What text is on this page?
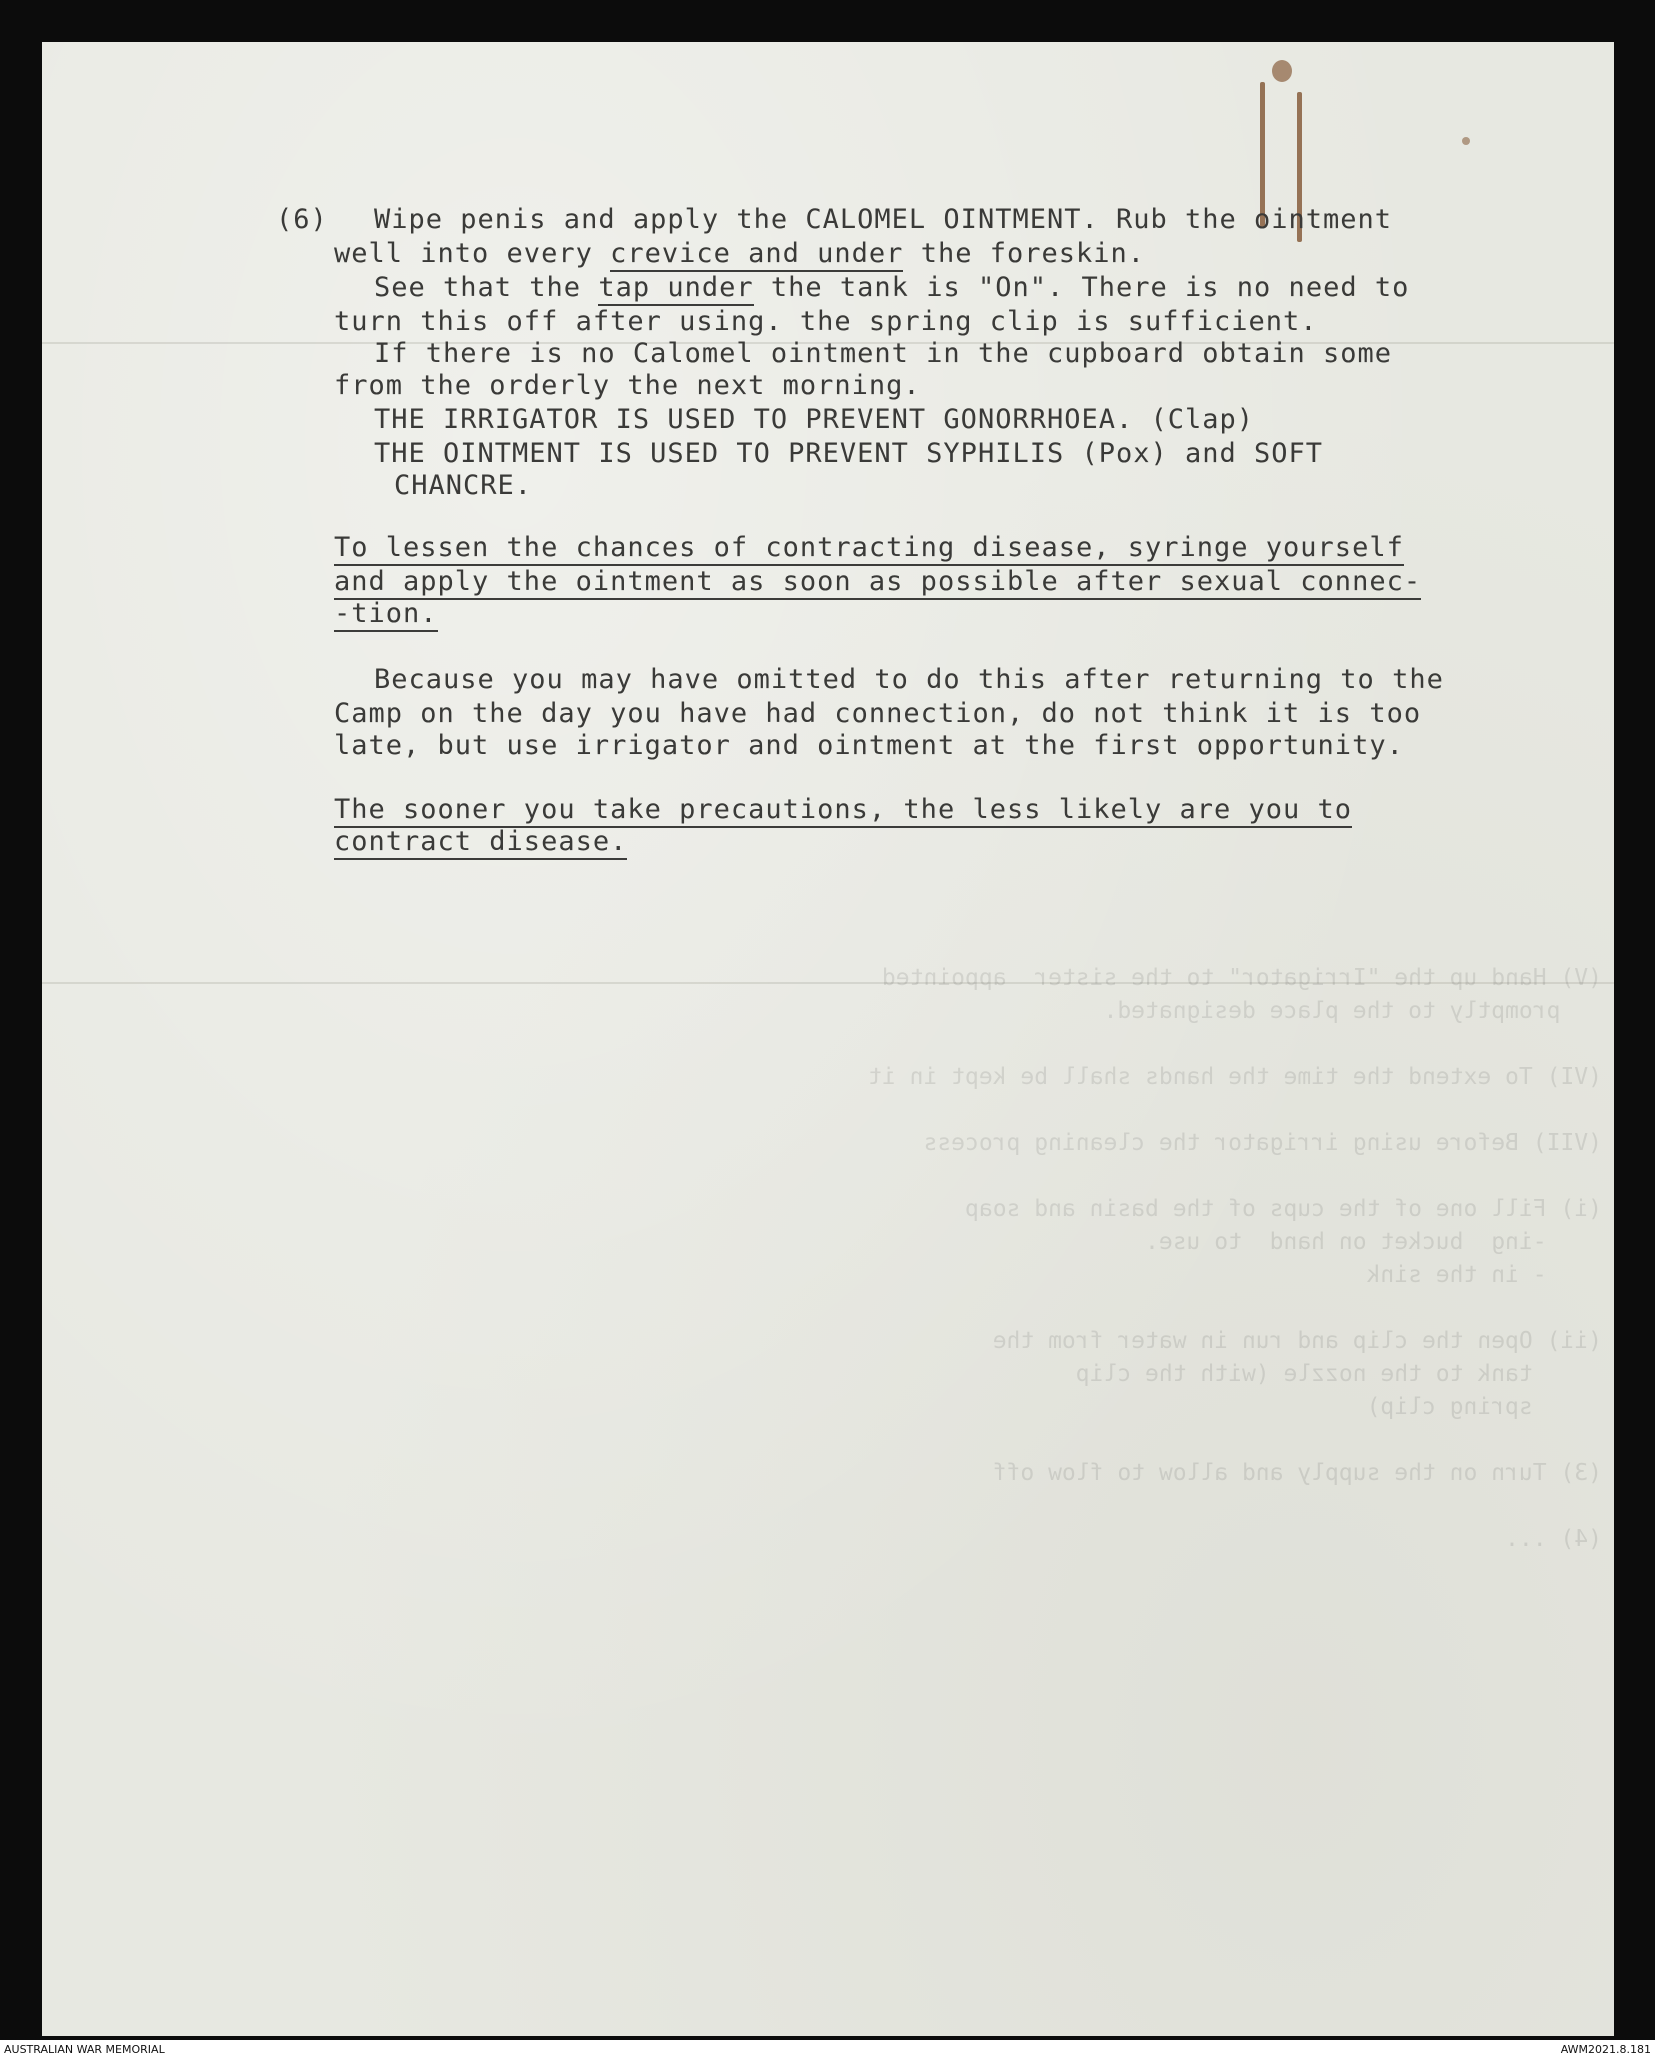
(V) Hand up the "Irrigator" to the sister  appointed
promptly to the place designated.

(VI) To extend the time the hands shall be kept in it

(VII) Before using irrigator the cleaning process

(i) Fill one of the cups of the basin and soap
-ing  bucket on hand  to use.
- in the sink

(ii) Open the clip and run in water from the
tank to the nozzle (with the clip
spring clip)

(3) Turn on the supply and allow to flow off

(4) ...
(6) Wipe penis and apply the CALOMEL OINTMENT. Rub the ointment
well into every crevice and under the foreskin.
See that the tap under the tank is "On". There is no need to
turn this off after using. the spring clip is sufficient.
If there is no Calomel ointment in the cupboard obtain some
from the orderly the next morning.
THE IRRIGATOR IS USED TO PREVENT GONORRHOEA. (Clap)
THE OINTMENT IS USED TO PREVENT SYPHILIS (Pox) and SOFT
CHANCRE.
To lessen the chances of contracting disease, syringe yourself
and apply the ointment as soon as possible after sexual connec-
-tion.
Because you may have omitted to do this after returning to the
Camp on the day you have had connection, do not think it is too
late, but use irrigator and ointment at the first opportunity.
The sooner you take precautions, the less likely are you to
contract disease.
AUSTRALIAN WAR MEMORIAL	AWM2021.8.181
